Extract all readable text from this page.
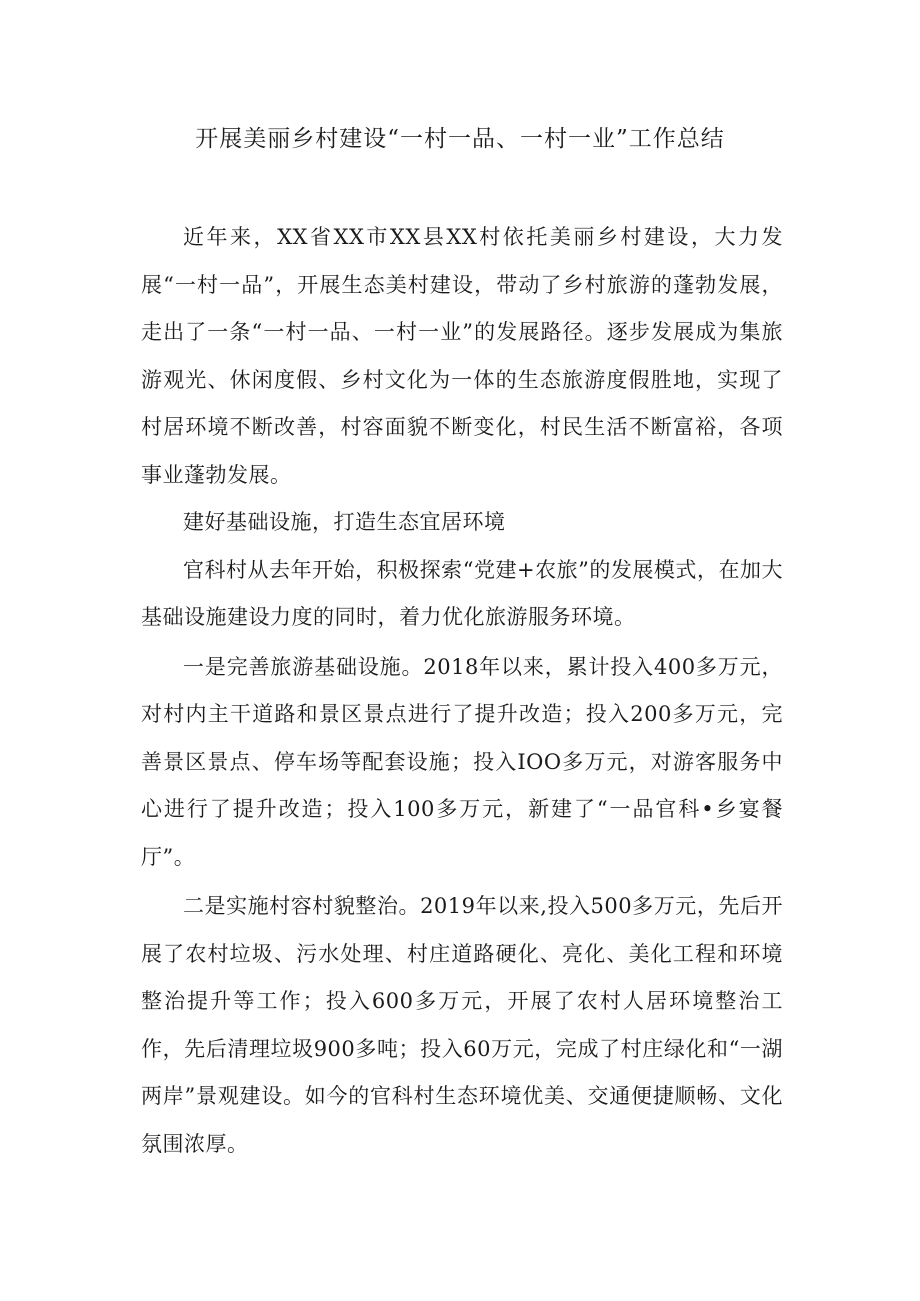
开展美丽乡村建设“一村一品、一村一业”工作总结

近年来，XX省XX市XX县XX村依托美丽乡村建设，大力发展“一村一品”，开展生态美村建设，带动了乡村旅游的蓬勃发展，走出了一条“一村一品、一村一业”的发展路径。逐步发展成为集旅游观光、休闲度假、乡村文化为一体的生态旅游度假胜地，实现了村居环境不断改善，村容面貌不断变化，村民生活不断富裕，各项事业蓬勃发展。

建好基础设施，打造生态宜居环境

官科村从去年开始，积极探索“党建+农旅”的发展模式，在加大基础设施建设力度的同时，着力优化旅游服务环境。

一是完善旅游基础设施。2018年以来，累计投入400多万元，对村内主干道路和景区景点进行了提升改造；投入200多万元，完善景区景点、停车场等配套设施；投入IOO多万元，对游客服务中心进行了提升改造；投入100多万元，新建了“一品官科•乡宴餐厅”。

二是实施村容村貌整治。2019年以来,投入500多万元，先后开展了农村垃圾、污水处理、村庄道路硬化、亮化、美化工程和环境整治提升等工作；投入600多万元，开展了农村人居环境整治工作，先后清理垃圾900多吨；投入60万元，完成了村庄绿化和“一湖两岸”景观建设。如今的官科村生态环境优美、交通便捷顺畅、文化氛围浓厚。
